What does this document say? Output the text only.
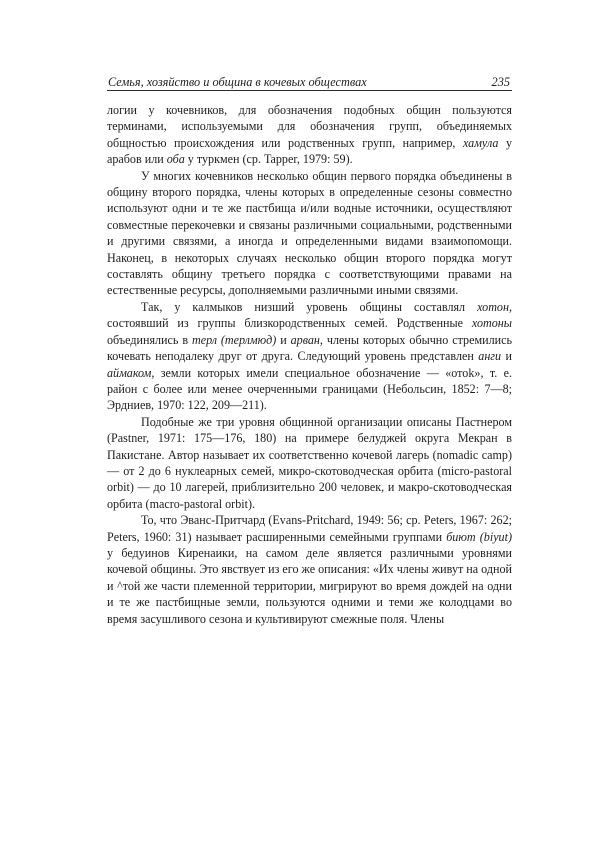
Семья, хозяйство и община в кочевых обществах	235

логии у кочевников, для обозначения подобных общин пользуются терминами, используемыми для обозначения групп, объединяемых общностью происхождения или родственных групп, например, хамула у арабов или оба у туркмен (ср. Tapper, 1979: 59).

У многих кочевников несколько общин первого порядка объединены в общину второго порядка, члены которых в определенные сезоны совместно используют одни и те же пастбища и/или водные источники, осуществляют совместные перекочевки и связаны различными социальными, родственными и другими связями, а иногда и определенными видами взаимопомощи. Наконец, в некоторых случаях несколько общин второго порядка могут составлять общину третьего порядка с соответствующими правами на естественные ресурсы, дополняемыми различными иными связями.

Так, у калмыков низший уровень общины составлял хотон, состоявший из группы близкородственных семей. Родственные хотоны объединялись в терл (терлмюд) и арван, члены которых обычно стремились кочевать неподалеку друг от друга. Следующий уровень представлен анги и аймаком, земли которых имели специальное обозначение — «отоk», т. е. район с более или менее очерченными границами (Небольсин, 1852: 7—8; Эрдниев, 1970: 122, 209—211).

Подобные же три уровня общинной организации описаны Пастнером (Pastner, 1971: 175—176, 180) на примере белуджей округа Мекран в Пакистане. Автор называет их соответственно кочевой лагерь (nomadic camp) — от 2 до 6 нуклеарных семей, микро-скотоводческая орбита (micro-pastoral orbit) — до 10 лагерей, приблизительно 200 человек, и макро-скотоводческая орбита (macro-pastoral orbit).

То, что Эванс-Притчард (Evans-Pritchard, 1949: 56; ср. Peters, 1967: 262; Peters, 1960: 31) называет расширенными семейными группами биют (biyut) у бедуинов Киренаики, на самом деле является различными уровнями кочевой общины. Это явствует из его же описания: «Их члены живут на одной и ^той же части племенной территории, мигрируют во время дождей на одни и те же пастбищные земли, пользуются одними и теми же колодцами во время засушливого сезона и культивируют смежные поля. Члены
